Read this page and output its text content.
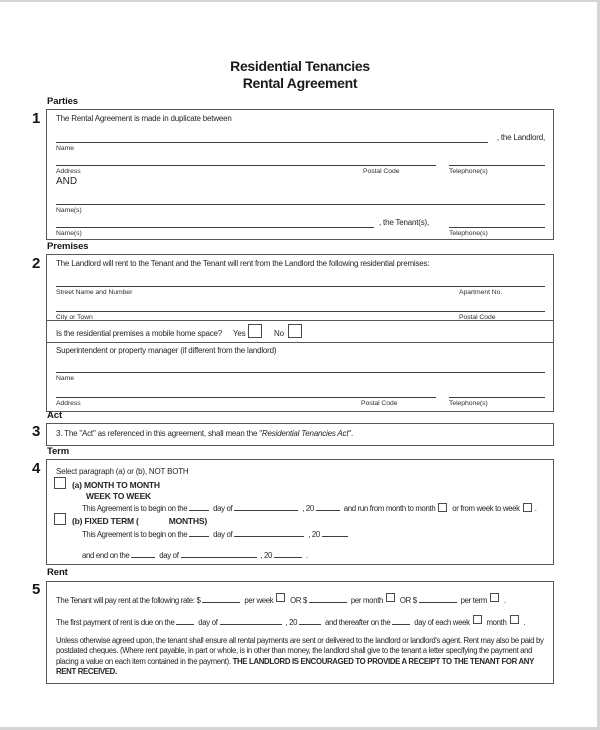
Residential Tenancies
Rental Agreement
Parties
1 The Rental Agreement is made in duplicate between
, the Landlord,
Name
Address	Postal Code	Telephone(s)
AND
Name(s)
, the Tenant(s),
Name(s)	Telephone(s)
Premises
2 The Landlord will rent to the Tenant and the Tenant will rent from the Landlord the following residential premises:
Street Name and Number	Apartment No.
City or Town	Postal Code
Is the residential premises a mobile home space? Yes	No
Superintendent or property manager (if different from the landlord)
Name
Address	Postal Code	Telephone(s)
Act
3 3. The "Act" as referenced in this agreement, shall mean the "Residential Tenancies Act".
Term
4 Select paragraph (a) or (b), NOT BOTH
(a) MONTH TO MONTH
WEEK TO WEEK
This Agreement is to begin on the	day of	, 20	and run from month to month or from week to week .
(b) FIXED TERM (	MONTHS)
This Agreement is to begin on the	day of	, 20
and end on the	day of	, 20	.
Rent
5
The Tenant will pay rent at the following rate: $	per week OR $	per month OR $	per term .
The first payment of rent is due on the	day of	, 20	and thereafter on the	day of each week month .
Unless otherwise agreed upon, the tenant shall ensure all rental payments are sent or delivered to the landlord or landlord's agent. Rent may also be paid by postdated cheques. (Where rent payable, in part or whole, is in other than money, the landlord shall give to the tenant a letter specifying the payment and placing a value on each item contained in the payment). THE LANDLORD IS ENCOURAGED TO PROVIDE A RECEIPT TO THE TENANT FOR ANY RENT RECEIVED.
